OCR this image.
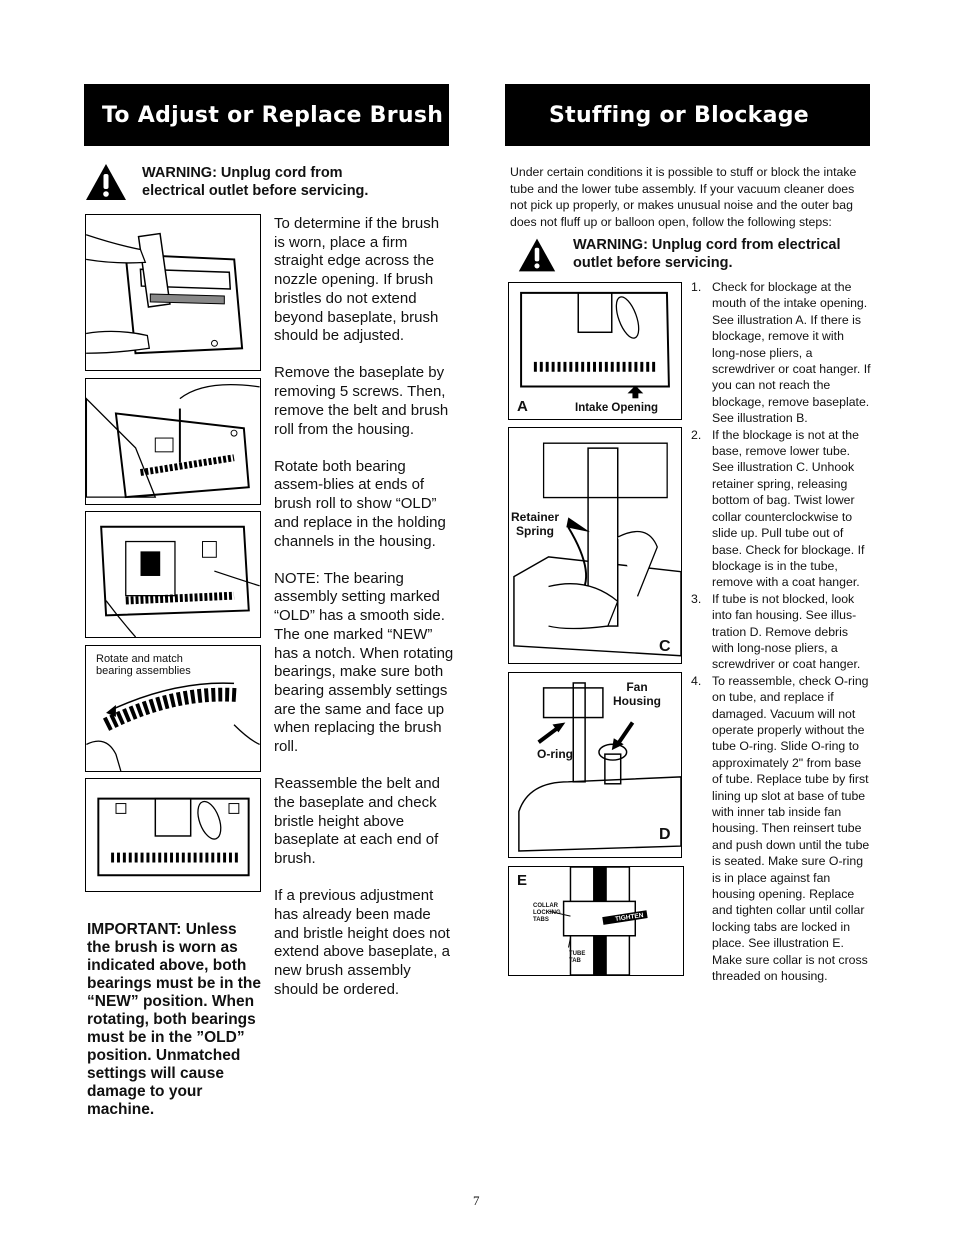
To Adjust or Replace Brush	Stuffing or Blockage
WARNING: Unplug cord from electrical outlet before servicing.
Rotate and match bearing assemblies

To determine if the brush is worn, place a firm straight edge across the nozzle opening. If brush bristles do not extend beyond baseplate, brush should be adjusted.

Remove the baseplate by removing 5 screws. Then, remove the belt and brush roll from the housing.

Rotate both bearing assem-blies at ends of brush roll to show “OLD” and replace in the holding channels in the housing.

NOTE: The bearing assembly setting marked “OLD” has a smooth side. The one marked “NEW” has a notch. When rotating bearings, make sure both bearing assembly settings are the same and face up when replacing the brush roll.

Reassemble the belt and the baseplate and check bristle height above baseplate at each end of brush.

If a previous adjustment has already been made and bristle height does not extend above baseplate, a new brush assembly should be ordered.

IMPORTANT: Unless the brush is worn as indicated above, both bearings must be in the “NEW” position. When rotating, both bearings must be in the ”OLD” position. Unmatched settings will cause damage to your machine.
Under certain conditions it is possible to stuff or block the intake tube and the lower tube assembly. If your vacuum cleaner does not pick up properly, or makes unusual noise and the outer bag does not fluff up or balloon open, follow the following steps:
WARNING: Unplug cord from electrical outlet before servicing.
A	Intake Opening
Retainer
Spring
C
Fan
Housing
O-ring
D
E
COLLAR
LOCKING
TABS	TIGHTEN
TUBE
TAB
1. Check for blockage at the mouth of the intake opening. See illustration A. If there is blockage, remove it with long-nose pliers, a screwdriver or coat hanger. If you can not reach the blockage, remove baseplate. See illustration B.
2. If the blockage is not at the base, remove lower tube. See illustration C. Unhook retainer spring, releasing bottom of bag. Twist lower collar counterclockwise to slide up. Pull tube out of base. Check for blockage. If blockage is in the tube, remove with a coat hanger.
3. If tube is not blocked, look into fan housing. See illus-tration D. Remove debris with long-nose pliers, a screwdriver or coat hanger.
4. To reassemble, check O-ring on tube, and replace if damaged. Vacuum will not operate properly without the tube O-ring. Slide O-ring to approximately 2" from base of tube. Replace tube by first lining up slot at base of tube with inner tab inside fan housing. Then reinsert tube and push down until the tube is seated. Make sure O-ring is in place against fan housing opening. Replace and tighten collar until collar locking tabs are locked in place. See illustration E. Make sure collar is not cross threaded on housing.
7
